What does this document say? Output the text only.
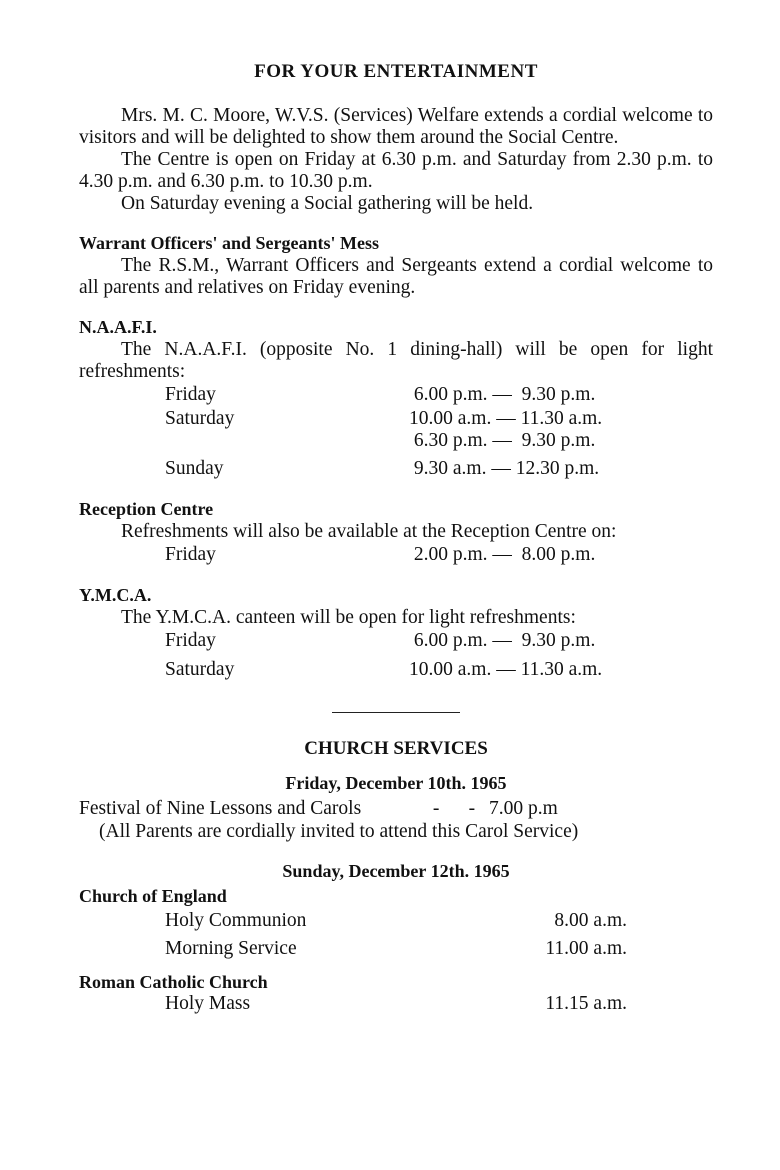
FOR YOUR ENTERTAINMENT

Mrs. M. C. Moore, W.V.S. (Services) Welfare extends a cordial welcome to visitors and will be delighted to show them around the Social Centre.

The Centre is open on Friday at 6.30 p.m. and Saturday from 2.30 p.m. to 4.30 p.m. and 6.30 p.m. to 10.30 p.m.

On Saturday evening a Social gathering will be held.

Warrant Officers' and Sergeants' Mess

The R.S.M., Warrant Officers and Sergeants extend a cordial welcome to all parents and relatives on Friday evening.

N.A.A.F.I.

The N.A.A.F.I. (opposite No. 1 dining-hall) will be open for light refreshments:

Friday	6.00 p.m. —  9.30 p.m.
Saturday	10.00 a.m. — 11.30 a.m.
6.30 p.m. —  9.30 p.m.
Sunday	9.30 a.m. — 12.30 p.m.
Reception Centre

Refreshments will also be available at the Reception Centre on:

Friday	2.00 p.m. —  8.00 p.m.
Y.M.C.A.

The Y.M.C.A. canteen will be open for light refreshments:

Friday	6.00 p.m. —  9.30 p.m.
Saturday	10.00 a.m. — 11.30 a.m.
CHURCH SERVICES
Friday, December 10th. 1965
Festival of Nine Lessons and Carols	-      - 7.00 p.m

(All Parents are cordially invited to attend this Carol Service)

Sunday, December 12th. 1965
Church of England
Holy Communion	8.00 a.m.
Morning Service	11.00 a.m.
Roman Catholic Church
Holy Mass	11.15 a.m.
